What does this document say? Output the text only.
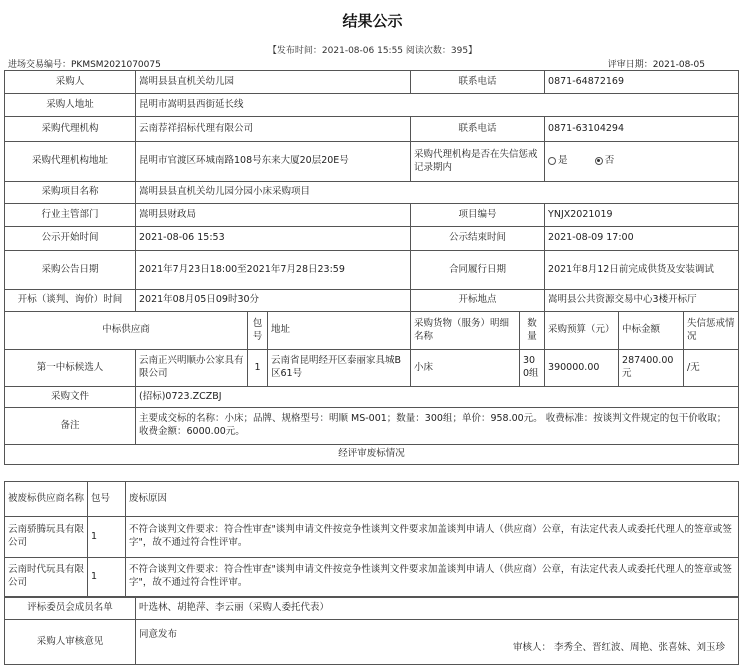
结果公示
【发布时间：2021-08-06 15:55 阅读次数：395】
进场交易编号：PKMSM2021070075	评审日期：2021-08-05
采购人	嵩明县县直机关幼儿园			联系电话		0871-64872169		
采购人地址	昆明市嵩明县西街延长线							
采购代理机构	云南荐祥招标代理有限公司			联系电话		0871-63104294		
采购代理机构地址	昆明市官渡区环城南路108号东来大厦20层20E号			采购代理机构是否在失信惩戒记录期内		是 否		
采购项目名称	嵩明县县直机关幼儿园分园小床采购项目							
行业主管部门	嵩明县财政局			项目编号		YNJX2021019		
公示开始时间	2021-08-06 15:53			公示结束时间		2021-08-09 17:00		
采购公告日期	2021年7月23日18:00至2021年7月28日23:59			合同履行日期		2021年8月12日前完成供货及安装调试		
开标（谈判、询价）时间	2021年08月05日09时30分			开标地点		嵩明县公共资源交易中心3楼开标厅		
中标供应商		包号	地址	采购货物（服务）明细名称	数量	采购预算（元）	中标金额	失信惩戒情况
第一中标候选人	云南正兴明顺办公家具有限公司	1	云南省昆明经开区泰丽家具城B区61号	小床	300组	390000.00	287400.00元	/无
采购文件	(招标)0723.ZCZBJ							
备注	主要成交标的名称：小床；品牌、规格型号：明顺 MS-001；数量：300组；单价：958.00元。 收费标准：按谈判文件规定的包干价收取；收费金额：6000.00元。							
经评审废标情况								
被废标供应商名称	包号	废标原因
云南骄腾玩具有限公司	1	不符合谈判文件要求：符合性审查"谈判申请文件按竞争性谈判文件要求加盖谈判申请人（供应商）公章，有法定代表人或委托代理人的签章或签字"，故不通过符合性评审。
云南时代玩具有限公司	1	不符合谈判文件要求：符合性审查"谈判申请文件按竞争性谈判文件要求加盖谈判申请人（供应商）公章，有法定代表人或委托代理人的签章或签字"，故不通过符合性评审。
评标委员会成员名单	叶选林、胡艳萍、李云丽（采购人委托代表）
采购人审核意见	同意发布
审核人： 李秀全、晋红波、周艳、张喜妹、刘玉珍
